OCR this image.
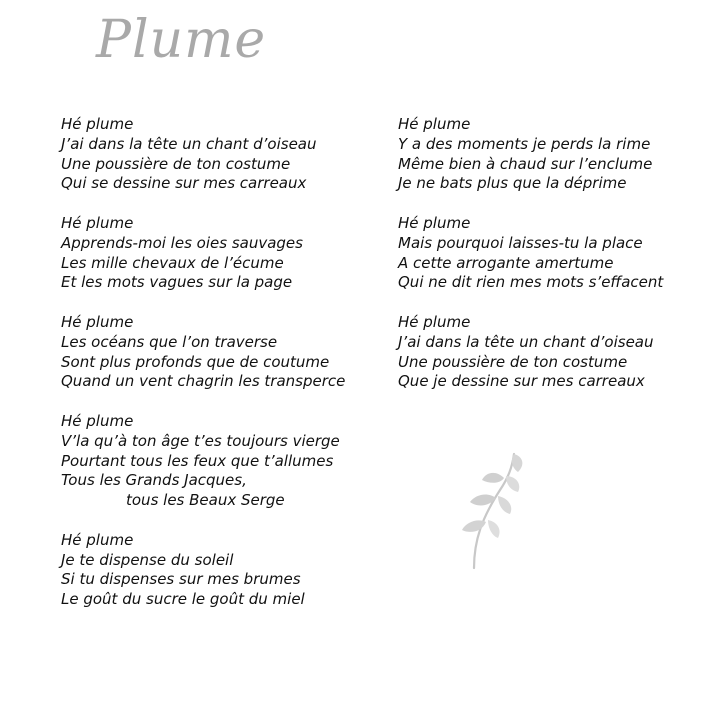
Plume
Hé plume
J’ai dans la tête un chant d’oiseau
Une poussière de ton costume
Qui se dessine sur mes carreaux
Hé plume
Apprends-moi les oies sauvages
Les mille chevaux de l’écume
Et les mots vagues sur la page
Hé plume
Les océans que l’on traverse
Sont plus profonds que de coutume
Quand un vent chagrin les transperce
Hé plume
V’la qu’à ton âge t’es toujours vierge
Pourtant tous les feux que t’allumes
Tous les Grands Jacques,
tous les Beaux Serge
Hé plume
Je te dispense du soleil
Si tu dispenses sur mes brumes
Le goût du sucre le goût du miel
Hé plume
Y a des moments je perds la rime
Même bien à chaud sur l’enclume
Je ne bats plus que la déprime
Hé plume
Mais pourquoi laisses-tu la place
A cette arrogante amertume
Qui ne dit rien mes mots s’effacent
Hé plume
J’ai dans la tête un chant d’oiseau
Une poussière de ton costume
Que je dessine sur mes carreaux
